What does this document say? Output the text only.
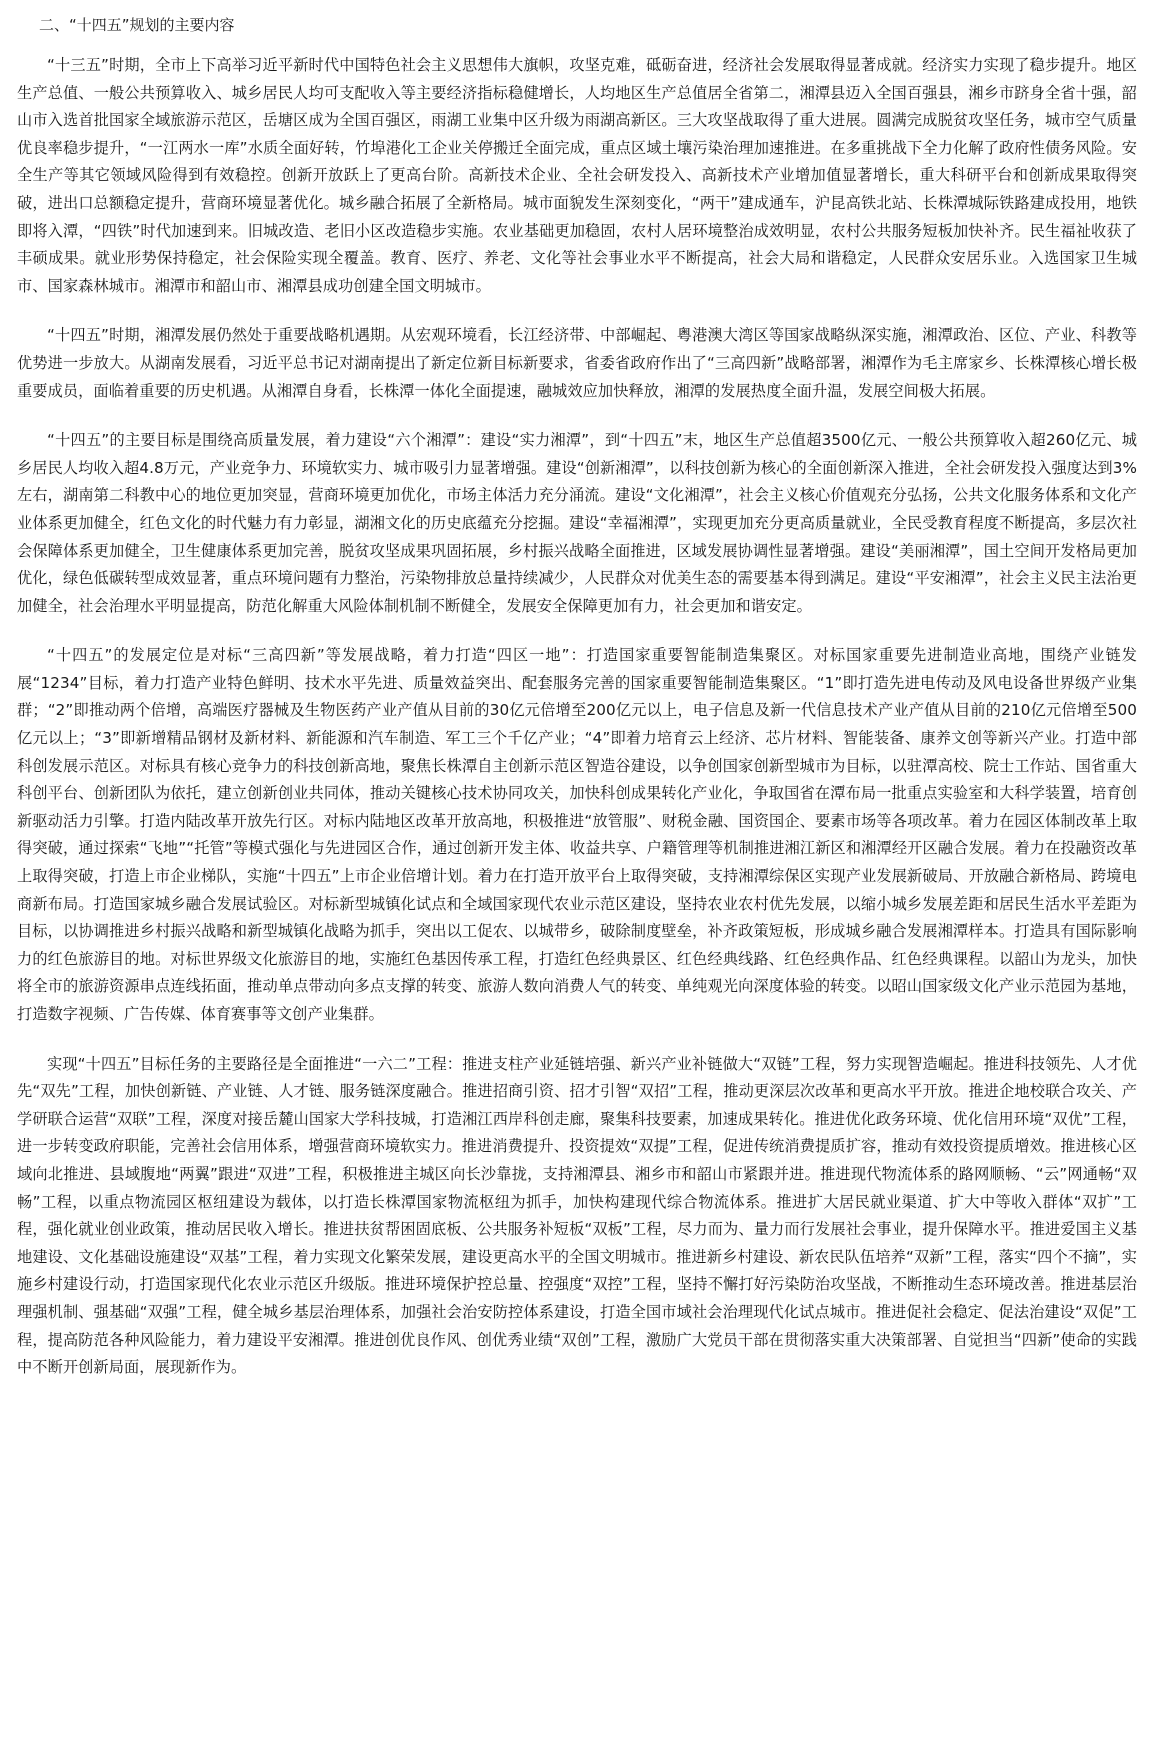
二、“十四五”规划的主要内容

“十三五”时期，全市上下高举习近平新时代中国特色社会主义思想伟大旗帜，攻坚克难，砥砺奋进，经济社会发展取得显著成就。经济实力实现了稳步提升。地区生产总值、一般公共预算收入、城乡居民人均可支配收入等主要经济指标稳健增长，人均地区生产总值居全省第二，湘潭县迈入全国百强县，湘乡市跻身全省十强，韶山市入选首批国家全域旅游示范区，岳塘区成为全国百强区，雨湖工业集中区升级为雨湖高新区。三大攻坚战取得了重大进展。圆满完成脱贫攻坚任务，城市空气质量优良率稳步提升，“一江两水一库”水质全面好转，竹埠港化工企业关停搬迁全面完成，重点区域土壤污染治理加速推进。在多重挑战下全力化解了政府性债务风险。安全生产等其它领域风险得到有效稳控。创新开放跃上了更高台阶。高新技术企业、全社会研发投入、高新技术产业增加值显著增长，重大科研平台和创新成果取得突破，进出口总额稳定提升，营商环境显著优化。城乡融合拓展了全新格局。城市面貌发生深刻变化，“两干”建成通车，沪昆高铁北站、长株潭城际铁路建成投用，地铁即将入潭，“四铁”时代加速到来。旧城改造、老旧小区改造稳步实施。农业基础更加稳固，农村人居环境整治成效明显，农村公共服务短板加快补齐。民生福祉收获了丰硕成果。就业形势保持稳定，社会保险实现全覆盖。教育、医疗、养老、文化等社会事业水平不断提高，社会大局和谐稳定，人民群众安居乐业。入选国家卫生城市、国家森林城市。湘潭市和韶山市、湘潭县成功创建全国文明城市。

“十四五”时期，湘潭发展仍然处于重要战略机遇期。从宏观环境看，长江经济带、中部崛起、粤港澳大湾区等国家战略纵深实施，湘潭政治、区位、产业、科教等优势进一步放大。从湖南发展看，习近平总书记对湖南提出了新定位新目标新要求，省委省政府作出了“三高四新”战略部署，湘潭作为毛主席家乡、长株潭核心增长极重要成员，面临着重要的历史机遇。从湘潭自身看，长株潭一体化全面提速，融城效应加快释放，湘潭的发展热度全面升温，发展空间极大拓展。

“十四五”的主要目标是围绕高质量发展，着力建设“六个湘潭”：建设“实力湘潭”，到“十四五”末，地区生产总值超3500亿元、一般公共预算收入超260亿元、城乡居民人均收入超4.8万元，产业竞争力、环境软实力、城市吸引力显著增强。建设“创新湘潭”，以科技创新为核心的全面创新深入推进，全社会研发投入强度达到3%左右，湖南第二科教中心的地位更加突显，营商环境更加优化，市场主体活力充分涌流。建设“文化湘潭”，社会主义核心价值观充分弘扬，公共文化服务体系和文化产业体系更加健全，红色文化的时代魅力有力彰显，湖湘文化的历史底蕴充分挖掘。建设“幸福湘潭”，实现更加充分更高质量就业，全民受教育程度不断提高，多层次社会保障体系更加健全，卫生健康体系更加完善，脱贫攻坚成果巩固拓展，乡村振兴战略全面推进，区域发展协调性显著增强。建设“美丽湘潭”，国土空间开发格局更加优化，绿色低碳转型成效显著，重点环境问题有力整治，污染物排放总量持续减少，人民群众对优美生态的需要基本得到满足。建设“平安湘潭”，社会主义民主法治更加健全，社会治理水平明显提高，防范化解重大风险体制机制不断健全，发展安全保障更加有力，社会更加和谐安定。

“十四五”的发展定位是对标“三高四新”等发展战略，着力打造“四区一地”：打造国家重要智能制造集聚区。对标国家重要先进制造业高地，围绕产业链发展“1234”目标，着力打造产业特色鲜明、技术水平先进、质量效益突出、配套服务完善的国家重要智能制造集聚区。“1”即打造先进电传动及风电设备世界级产业集群；“2”即推动两个倍增，高端医疗器械及生物医药产业产值从目前的30亿元倍增至200亿元以上，电子信息及新一代信息技术产业产值从目前的210亿元倍增至500亿元以上；“3”即新增精品钢材及新材料、新能源和汽车制造、军工三个千亿产业；“4”即着力培育云上经济、芯片材料、智能装备、康养文创等新兴产业。打造中部科创发展示范区。对标具有核心竞争力的科技创新高地，聚焦长株潭自主创新示范区智造谷建设，以争创国家创新型城市为目标，以驻潭高校、院士工作站、国省重大科创平台、创新团队为依托，建立创新创业共同体，推动关键核心技术协同攻关，加快科创成果转化产业化，争取国省在潭布局一批重点实验室和大科学装置，培育创新驱动活力引擎。打造内陆改革开放先行区。对标内陆地区改革开放高地，积极推进“放管服”、财税金融、国资国企、要素市场等各项改革。着力在园区体制改革上取得突破，通过探索“飞地”“托管”等模式强化与先进园区合作，通过创新开发主体、收益共享、户籍管理等机制推进湘江新区和湘潭经开区融合发展。着力在投融资改革上取得突破，打造上市企业梯队，实施“十四五”上市企业倍增计划。着力在打造开放平台上取得突破，支持湘潭综保区实现产业发展新破局、开放融合新格局、跨境电商新布局。打造国家城乡融合发展试验区。对标新型城镇化试点和全域国家现代农业示范区建设，坚持农业农村优先发展，以缩小城乡发展差距和居民生活水平差距为目标，以协调推进乡村振兴战略和新型城镇化战略为抓手，突出以工促农、以城带乡，破除制度壁垒，补齐政策短板，形成城乡融合发展湘潭样本。打造具有国际影响力的红色旅游目的地。对标世界级文化旅游目的地，实施红色基因传承工程，打造红色经典景区、红色经典线路、红色经典作品、红色经典课程。以韶山为龙头，加快将全市的旅游资源串点连线拓面，推动单点带动向多点支撑的转变、旅游人数向消费人气的转变、单纯观光向深度体验的转变。以昭山国家级文化产业示范园为基地，打造数字视频、广告传媒、体育赛事等文创产业集群。

实现“十四五”目标任务的主要路径是全面推进“一六二”工程：推进支柱产业延链培强、新兴产业补链做大“双链”工程，努力实现智造崛起。推进科技领先、人才优先“双先”工程，加快创新链、产业链、人才链、服务链深度融合。推进招商引资、招才引智“双招”工程，推动更深层次改革和更高水平开放。推进企地校联合攻关、产学研联合运营“双联”工程，深度对接岳麓山国家大学科技城，打造湘江西岸科创走廊，聚集科技要素，加速成果转化。推进优化政务环境、优化信用环境“双优”工程，进一步转变政府职能，完善社会信用体系，增强营商环境软实力。推进消费提升、投资提效“双提”工程，促进传统消费提质扩容，推动有效投资提质增效。推进核心区域向北推进、县域腹地“两翼”跟进“双进”工程，积极推进主城区向长沙靠拢，支持湘潭县、湘乡市和韶山市紧跟并进。推进现代物流体系的路网顺畅、“云”网通畅“双畅”工程，以重点物流园区枢纽建设为载体，以打造长株潭国家物流枢纽为抓手，加快构建现代综合物流体系。推进扩大居民就业渠道、扩大中等收入群体“双扩”工程，强化就业创业政策，推动居民收入增长。推进扶贫帮困固底板、公共服务补短板“双板”工程，尽力而为、量力而行发展社会事业，提升保障水平。推进爱国主义基地建设、文化基础设施建设“双基”工程，着力实现文化繁荣发展，建设更高水平的全国文明城市。推进新乡村建设、新农民队伍培养“双新”工程，落实“四个不摘”，实施乡村建设行动，打造国家现代化农业示范区升级版。推进环境保护控总量、控强度“双控”工程，坚持不懈打好污染防治攻坚战，不断推动生态环境改善。推进基层治理强机制、强基础“双强”工程，健全城乡基层治理体系，加强社会治安防控体系建设，打造全国市域社会治理现代化试点城市。推进促社会稳定、促法治建设“双促”工程，提高防范各种风险能力，着力建设平安湘潭。推进创优良作风、创优秀业绩“双创”工程，激励广大党员干部在贯彻落实重大决策部署、自觉担当“四新”使命的实践中不断开创新局面，展现新作为。
